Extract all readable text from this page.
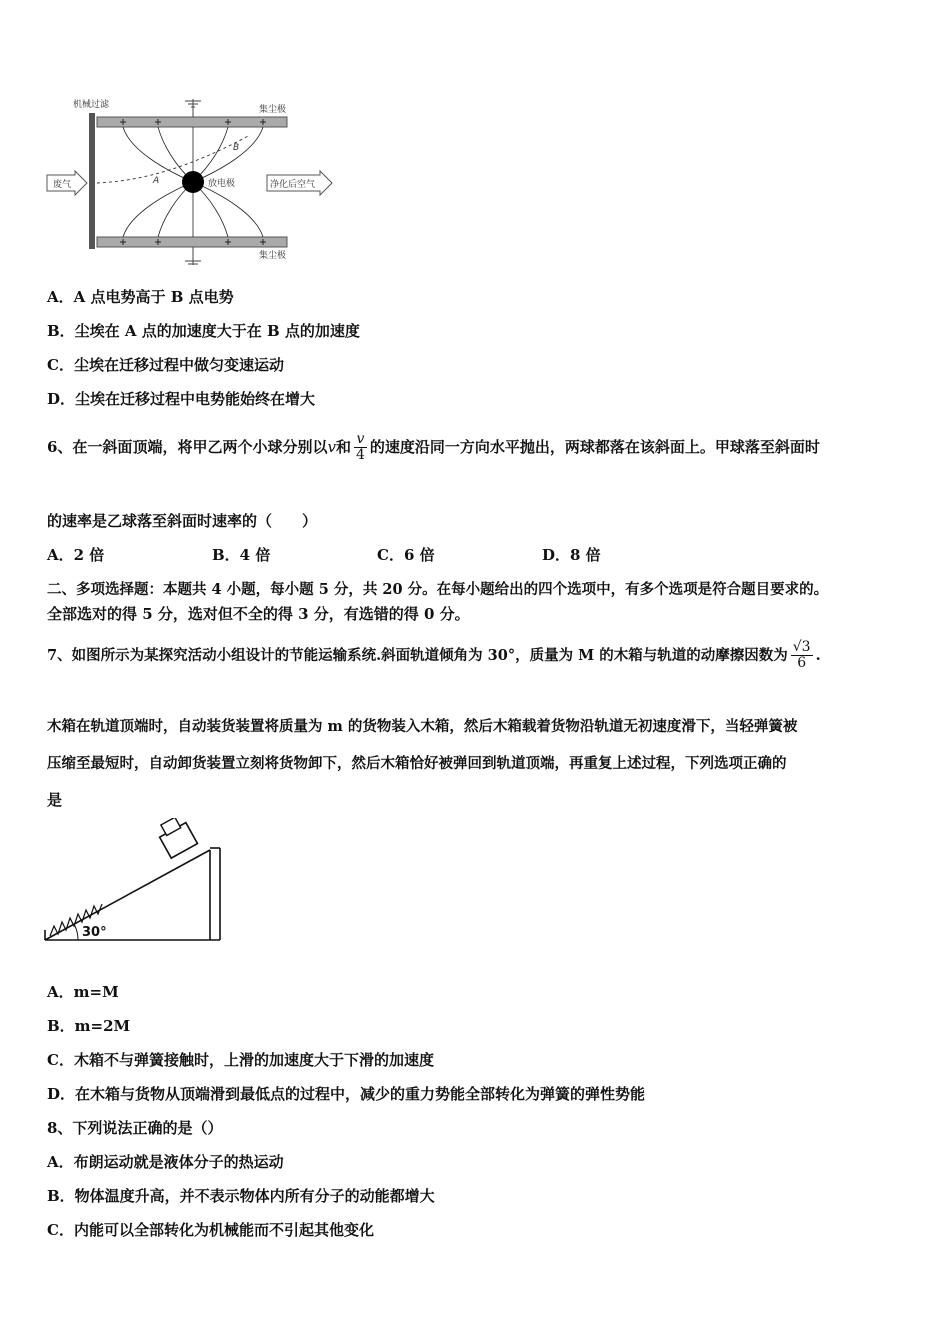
机械过滤	集尘极
集尘极
A
B
放电极
废气	净化后空气
A．A 点电势高于 B 点电势
B．尘埃在 A 点的加速度大于在 B 点的加速度
C．尘埃在迁移过程中做匀变速运动
D．尘埃在迁移过程中电势能始终在增大
6、在一斜面顶端，将甲乙两个小球分别以v和 $\frac{v}{4}$ 的速度沿同一方向水平抛出，两球都落在该斜面上。甲球落至斜面时
的速率是乙球落至斜面时速率的（　　）
A．2 倍	B．4 倍	C．6 倍	D．8 倍
二、多项选择题：本题共 4 小题，每小题 5 分，共 20 分。在每小题给出的四个选项中，有多个选项是符合题目要求的。
全部选对的得 5 分，选对但不全的得 3 分，有选错的得 0 分。
7、如图所示为某探究活动小组设计的节能运输系统.斜面轨道倾角为 30°，质量为 M 的木箱与轨道的动摩擦因数为 $\frac{√3}{6}$ .
木箱在轨道顶端时，自动装货装置将质量为 m 的货物装入木箱，然后木箱载着货物沿轨道无初速度滑下，当轻弹簧被
压缩至最短时，自动卸货装置立刻将货物卸下，然后木箱恰好被弹回到轨道顶端，再重复上述过程，下列选项正确的
是
30°
A．m=M
B．m=2M
C．木箱不与弹簧接触时，上滑的加速度大于下滑的加速度
D．在木箱与货物从顶端滑到最低点的过程中，减少的重力势能全部转化为弹簧的弹性势能
8、下列说法正确的是（）
A．布朗运动就是液体分子的热运动
B．物体温度升高，并不表示物体内所有分子的动能都增大
C．内能可以全部转化为机械能而不引起其他变化
